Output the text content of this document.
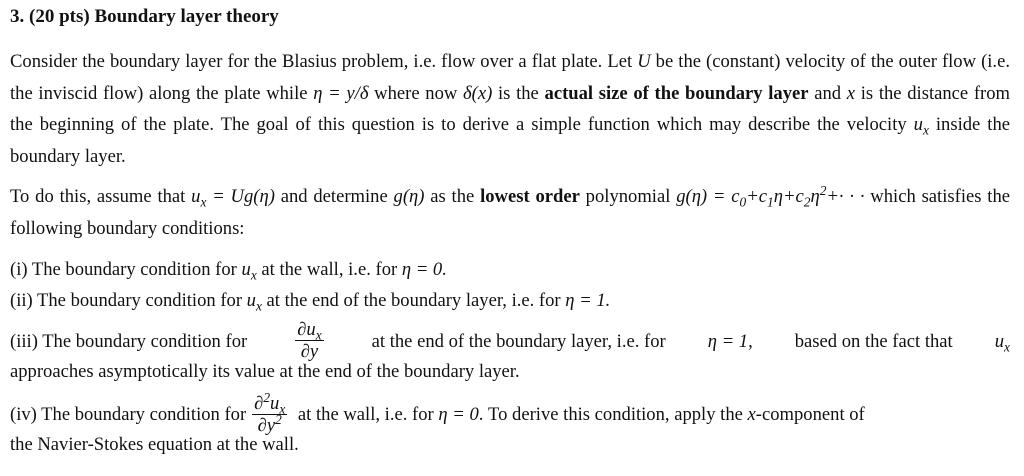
3. (20 pts) Boundary layer theory
Consider the boundary layer for the Blasius problem, i.e. flow over a flat plate. Let U be the (constant) velocity of the outer flow (i.e. the inviscid flow) along the plate while η = y/δ where now δ(x) is the actual size of the boundary layer and x is the distance from the beginning of the plate. The goal of this question is to derive a simple function which may describe the velocity $u_x$ inside the boundary layer.
To do this, assume that $u_x = Ug(\eta)$ and determine g(η) as the lowest order polynomial $g(\eta) = c_0+c_1\eta+c_2\eta^2+\cdot$ · · which satisfies the following boundary conditions:
(i) The boundary condition for $u_x$ at the wall, i.e. for η = 0.
(ii) The boundary condition for $u_x$ at the end of the boundary layer, i.e. for η = 1.
(iii) The boundary condition for	$\frac{\partial u_x}{\partial y}$	at the end of the boundary layer, i.e. for η = 1, based on the fact that $u_x$
approaches asymptotically its value at the end of the boundary layer.
(iv) The boundary condition for $\frac{\partial^2u_x}{\partial y^2}$ at the wall, i.e. for η = 0. To derive this condition, apply the x-component of
the Navier-Stokes equation at the wall.
